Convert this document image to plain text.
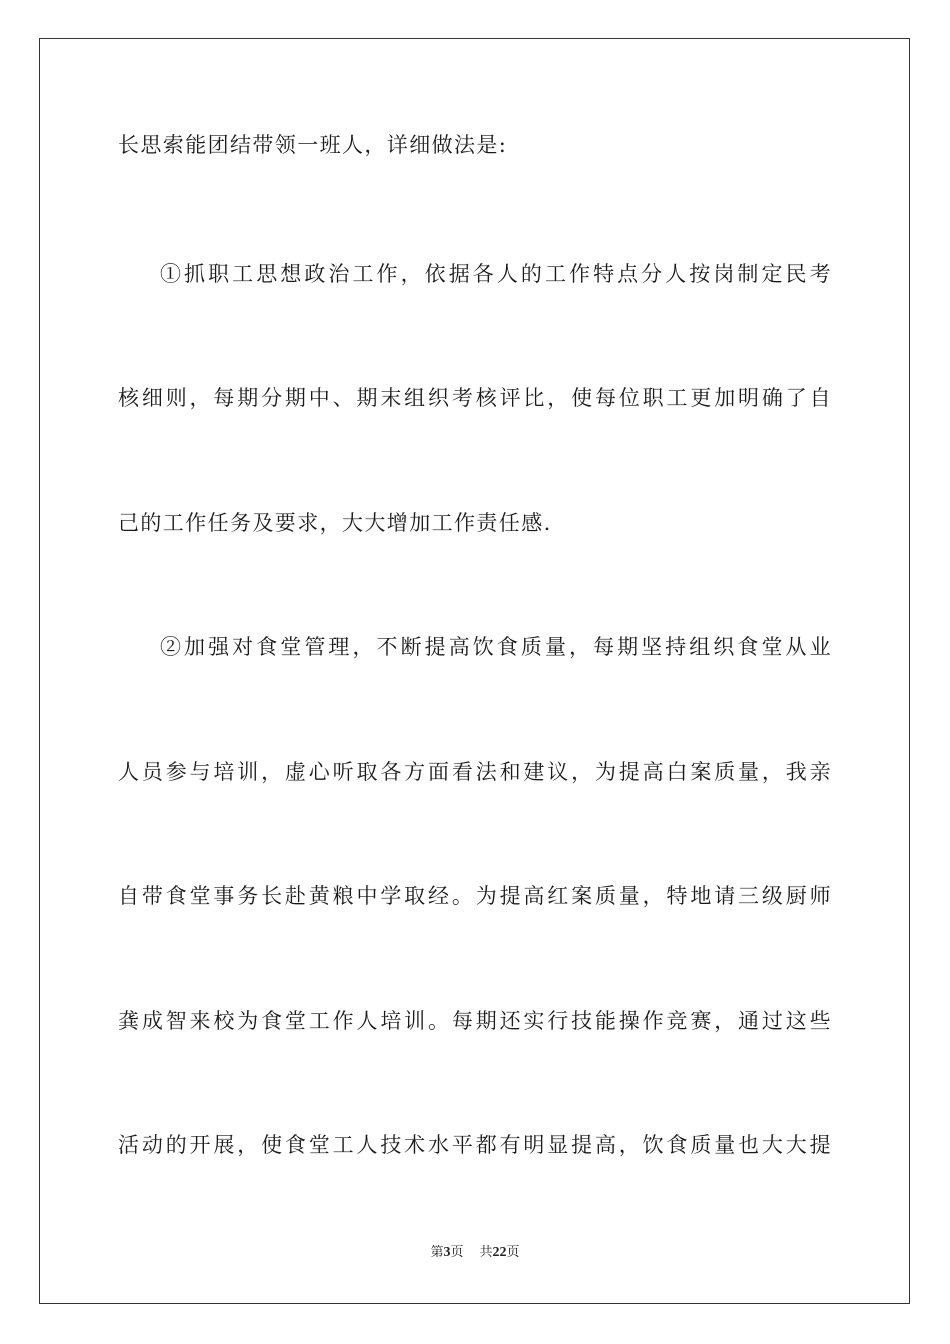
长思索能团结带领一班人，详细做法是:
①抓职工思想政治工作，依据各人的工作特点分人按岗制定民考
核细则，每期分期中、期末组织考核评比，使每位职工更加明确了自
己的工作任务及要求，大大增加工作责任感.
②加强对食堂管理，不断提高饮食质量，每期坚持组织食堂从业
人员参与培训，虚心听取各方面看法和建议，为提高白案质量，我亲
自带食堂事务长赴黄粮中学取经。为提高红案质量，特地请三级厨师
龚成智来校为食堂工作人培训。每期还实行技能操作竞赛，通过这些
活动的开展，使食堂工人技术水平都有明显提高，饮食质量也大大提
第3页 共22页
